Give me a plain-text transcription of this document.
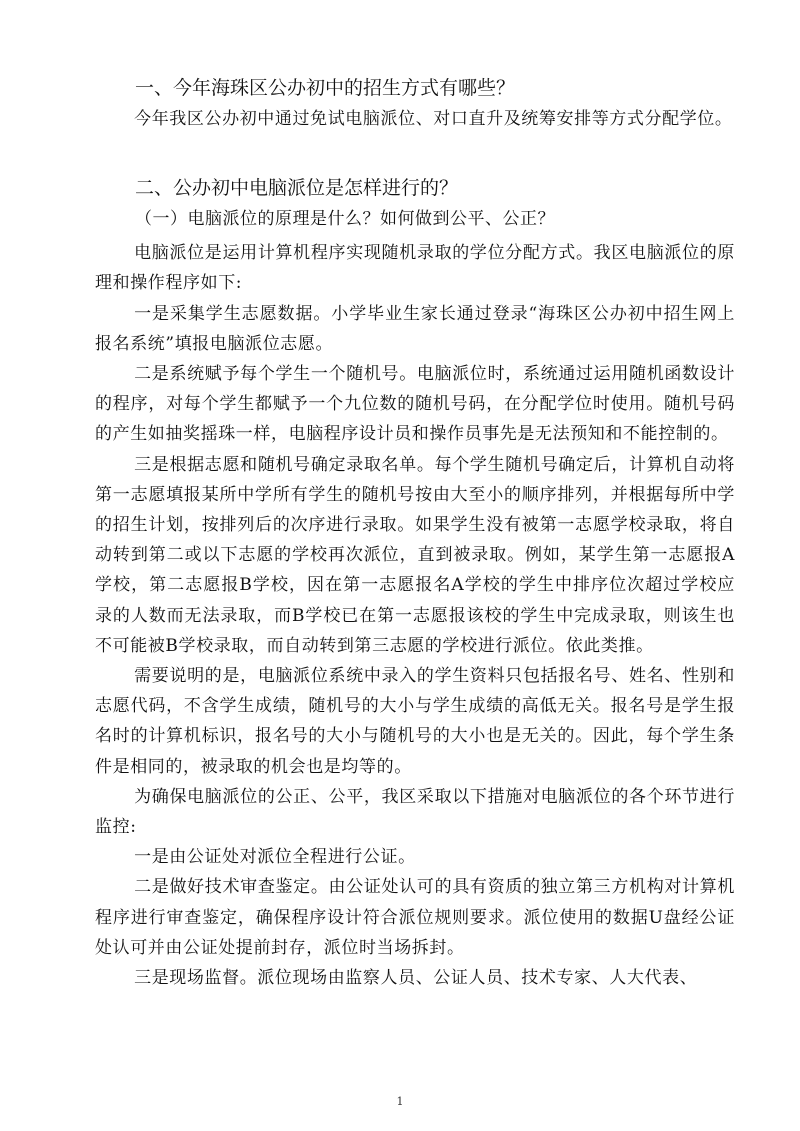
一、今年海珠区公办初中的招生方式有哪些？

今年我区公办初中通过免试电脑派位、对口直升及统筹安排等方式分配学位。

二、公办初中电脑派位是怎样进行的？
（一）电脑派位的原理是什么？如何做到公平、公正？

电脑派位是运用计算机程序实现随机录取的学位分配方式。我区电脑派位的原理和操作程序如下:

一是采集学生志愿数据。小学毕业生家长通过登录“海珠区公办初中招生网上报名系统”填报电脑派位志愿。

二是系统赋予每个学生一个随机号。电脑派位时，系统通过运用随机函数设计的程序，对每个学生都赋予一个九位数的随机号码，在分配学位时使用。随机号码的产生如抽奖摇珠一样，电脑程序设计员和操作员事先是无法预知和不能控制的。

三是根据志愿和随机号确定录取名单。每个学生随机号确定后，计算机自动将第一志愿填报某所中学所有学生的随机号按由大至小的顺序排列，并根据每所中学的招生计划，按排列后的次序进行录取。如果学生没有被第一志愿学校录取，将自动转到第二或以下志愿的学校再次派位，直到被录取。例如，某学生第一志愿报A学校，第二志愿报B学校，因在第一志愿报名A学校的学生中排序位次超过学校应录的人数而无法录取，而B学校已在第一志愿报该校的学生中完成录取，则该生也不可能被B学校录取，而自动转到第三志愿的学校进行派位。依此类推。

需要说明的是，电脑派位系统中录入的学生资料只包括报名号、姓名、性别和志愿代码，不含学生成绩，随机号的大小与学生成绩的高低无关。报名号是学生报名时的计算机标识，报名号的大小与随机号的大小也是无关的。因此，每个学生条件是相同的，被录取的机会也是均等的。

为确保电脑派位的公正、公平，我区采取以下措施对电脑派位的各个环节进行监控:

一是由公证处对派位全程进行公证。

二是做好技术审查鉴定。由公证处认可的具有资质的独立第三方机构对计算机程序进行审查鉴定，确保程序设计符合派位规则要求。派位使用的数据U盘经公证处认可并由公证处提前封存，派位时当场拆封。

三是现场监督。派位现场由监察人员、公证人员、技术专家、人大代表、

1
